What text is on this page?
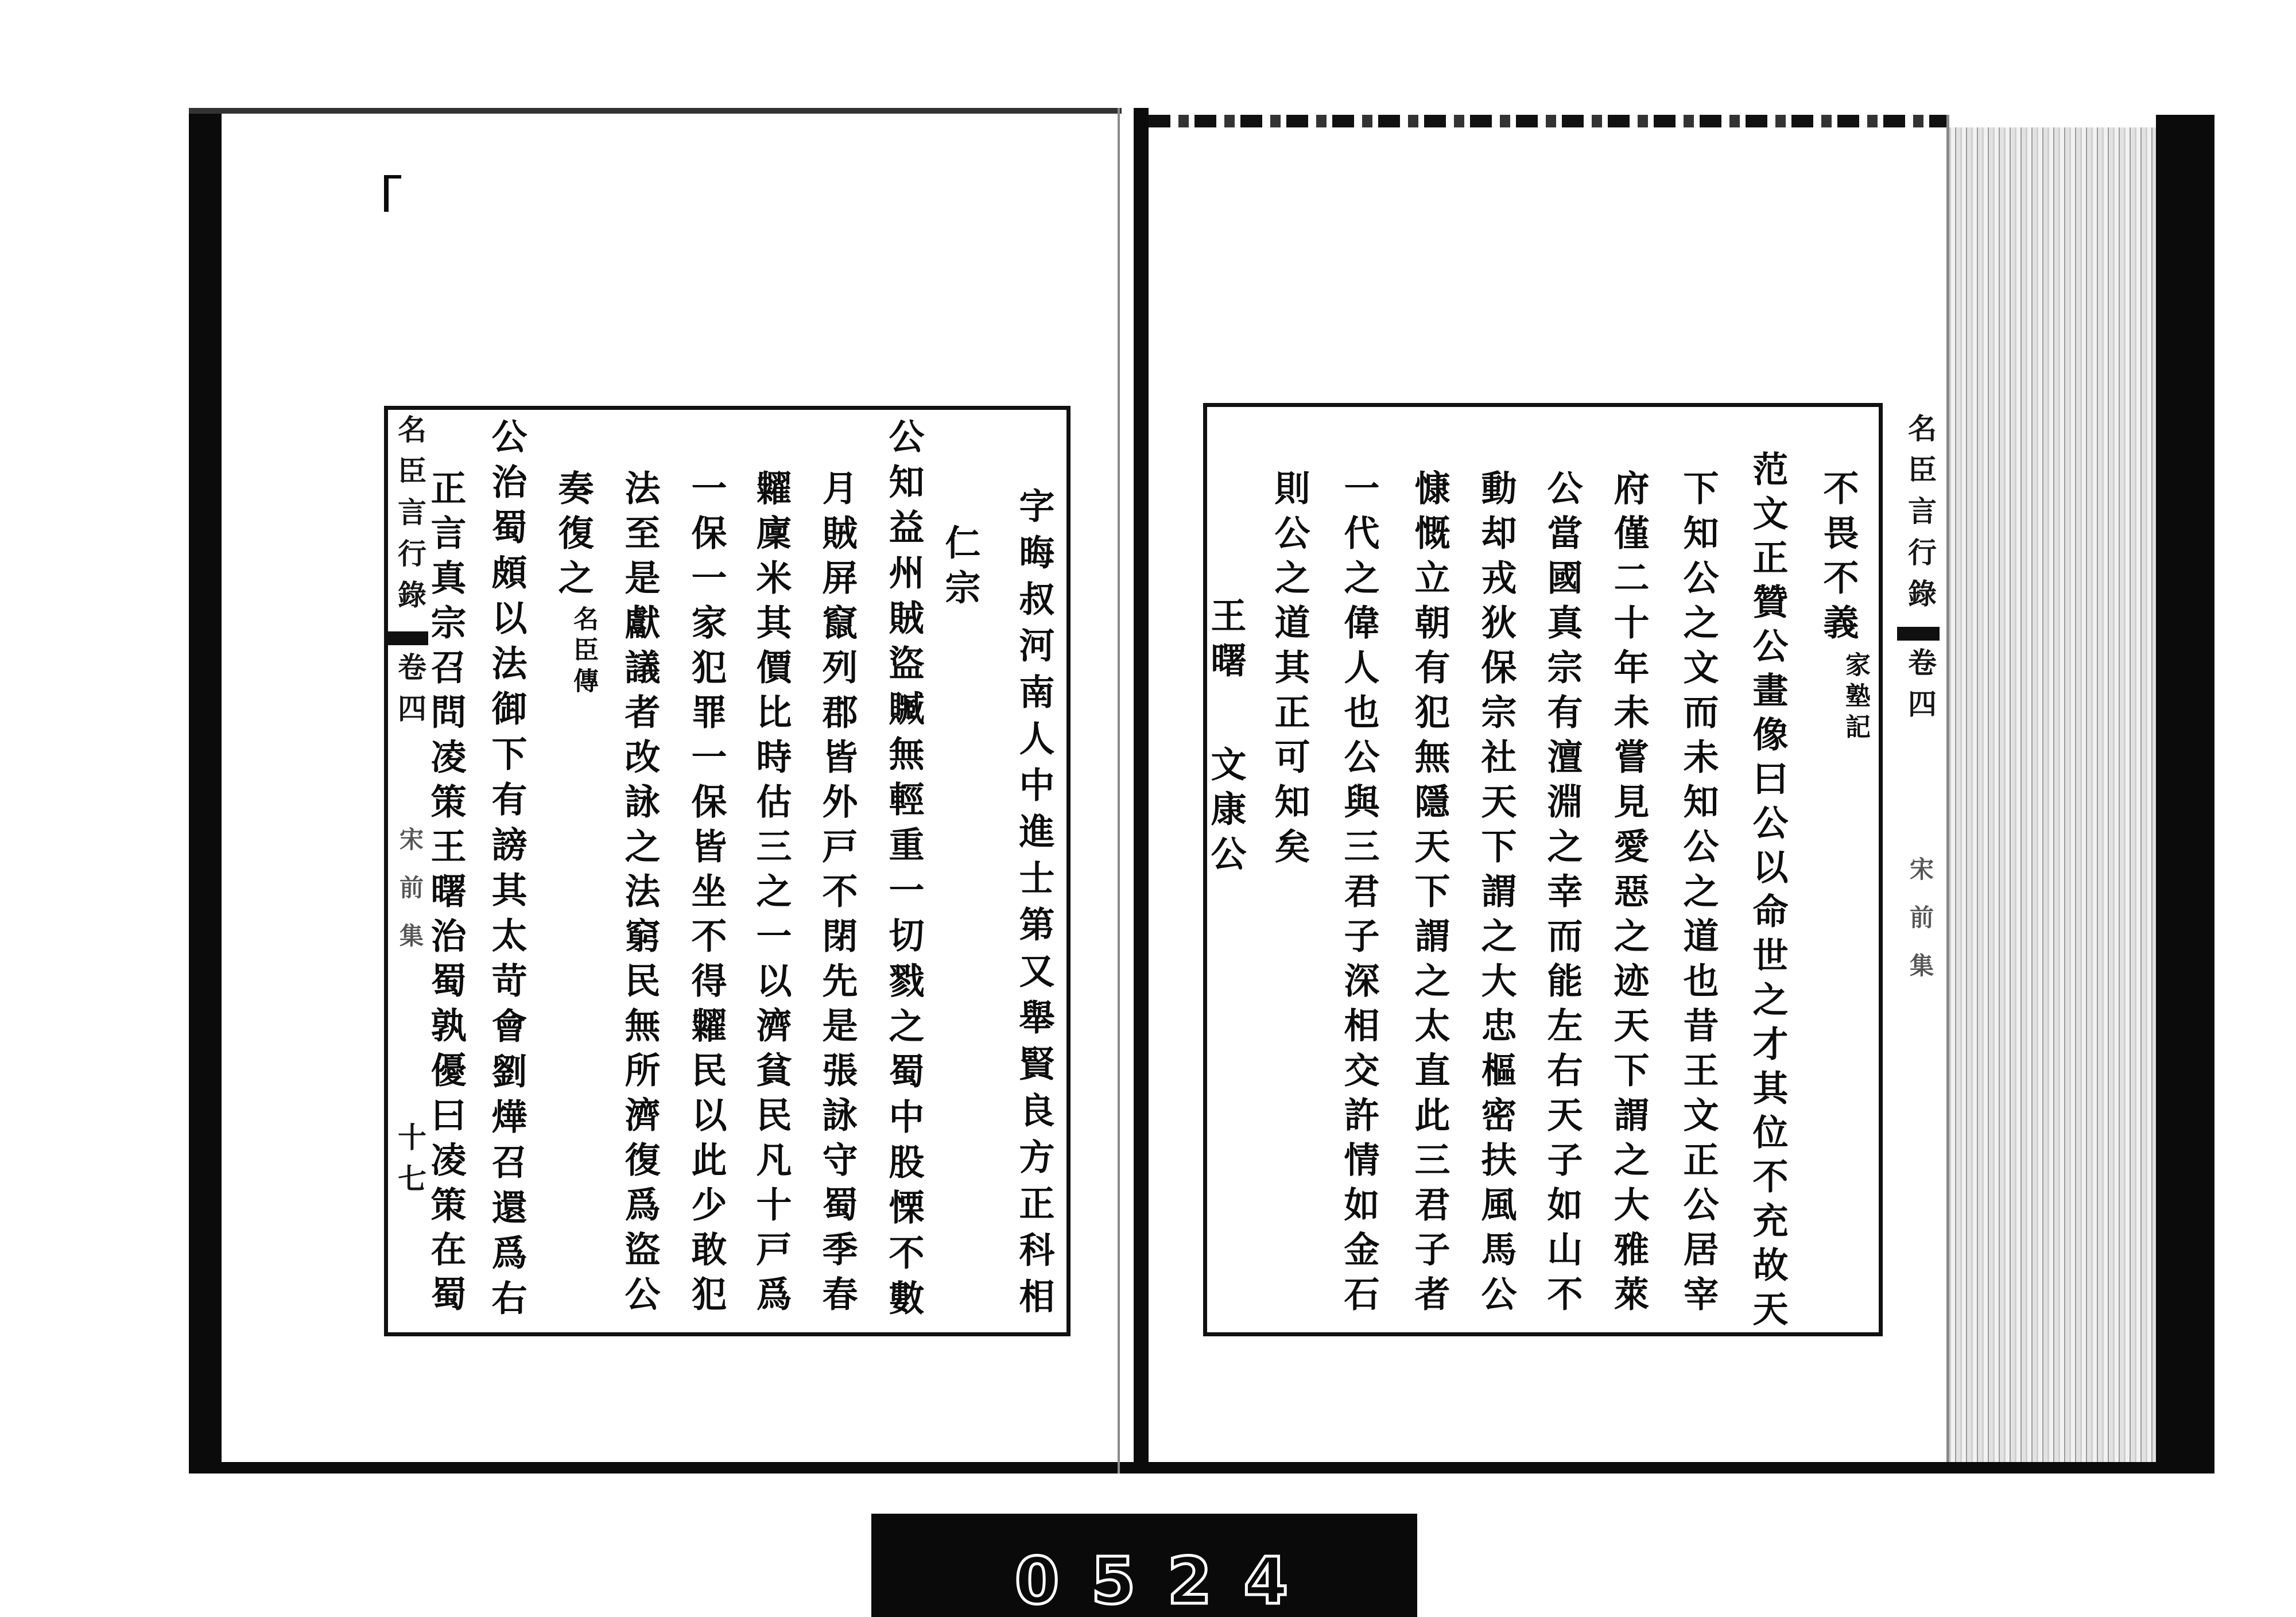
名臣言行錄
卷四
宋前集
不畏不義
家塾記
范文正贊公畫像曰公以命世之才其位不充故天
下知公之文而未知公之道也昔王文正公居宰
府僅二十年未嘗見愛惡之迹天下謂之大雅萊
公當國真宗有澶淵之幸而能左右天子如山不
動却戎狄保宗社天下謂之大忠樞密扶風馬公
慷慨立朝有犯無隱天下謂之太直此三君子者
一代之偉人也公與三君子深相交許情如金石
則公之道其正可知矣
王曙
文康公
名臣言行錄
卷四
宋前集
十七	字晦叔河南人中進士第又舉賢良方正科相
仁宗
公知益州賊盜贓無輕重一切戮之蜀中股慄不數
月賊屏竄列郡皆外戸不閉先是張詠守蜀季春
糶廩米其價比時估三之一以濟貧民凡十戸爲
一保一家犯罪一保皆坐不得糶民以此少敢犯
法至是獻議者改詠之法窮民無所濟復爲盜公
奏復之
名臣傳
公治蜀頗以法御下有謗其太苛會劉燁召還爲右
正言真宗召問凌策王曙治蜀孰優曰凌策在蜀
0524
